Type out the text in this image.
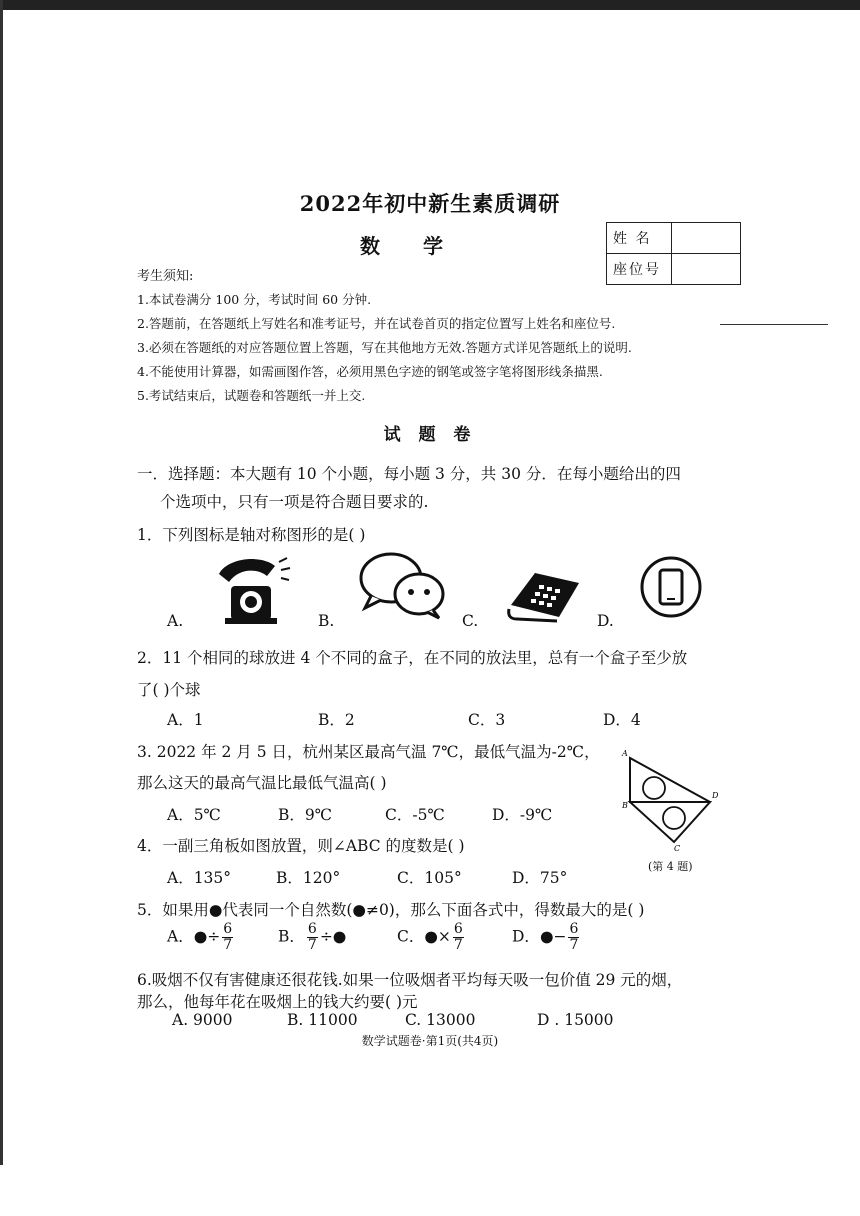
2022年初中新生素质调研
数 学	姓 名	
座位号	
考生须知:
1.本试卷满分 100 分，考试时间 60 分钟.
2.答题前，在答题纸上写姓名和准考证号，并在试卷首页的指定位置写上姓名和座位号.
3.必须在答题纸的对应答题位置上答题，写在其他地方无效.答题方式详见答题纸上的说明.
4.不能使用计算器，如需画图作答，必须用黑色字迹的钢笔或签字笔将图形线条描黑.
5.考试结束后，试题卷和答题纸一并上交.
试 题 卷
一．选择题：本大题有 10 个小题，每小题 3 分，共 30 分．在每小题给出的四
个选项中，只有一项是符合题目要求的.
1．下列图标是轴对称图形的是( )
A.	B.	C.	D.
2．11 个相同的球放进 4 个不同的盒子，在不同的放法里，总有一个盒子至少放
了( )个球
A．1	B．2	C．3	D．4
3. 2022 年 2 月 5 日，杭州某区最高气温 7℃，最低气温为-2℃，
那么这天的最高气温比最低气温高( )
A．5℃	B．9℃	C．-5℃	D．-9℃
A
B
D
C
(第 4 题)
4．一副三角板如图放置，则∠ABC 的度数是( )
A．135°	B．120°	C．105°	D．75°
5．如果用●代表同一个自然数(●≠0)，那么下面各式中，得数最大的是( )
A．●÷ $\frac{6}{7}$	B． $\frac{6}{7}$ ÷●	C．●× $\frac{6}{7}$	D．●− $\frac{6}{7}$
6.吸烟不仅有害健康还很花钱.如果一位吸烟者平均每天吸一包价值 29 元的烟，
那么，他每年花在吸烟上的钱大约要( )元
A. 9000	B. 11000	C. 13000	D . 15000
数学试题卷·第1页(共4页)
